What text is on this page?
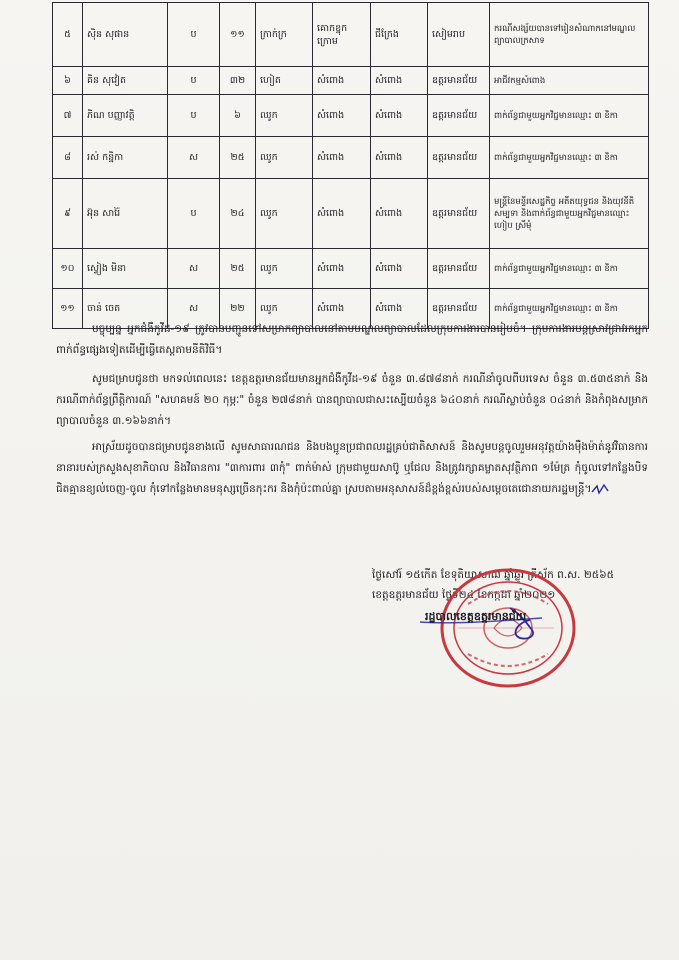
៥	ស៊ិន សុផាន	ប	១១	ក្រាក់ក្រ	គោកខ្នុកក្រោម	ជីក្រែង	សៀមរាប	ករណីសង្ស័យបានទៅរៀនសំណាកនៅមណ្ឌលព្យាបាលក្រសាទ
៦	គិន សុវៀត	ប	៣២	ហៀត	សំពោង	សំពោង	ឧត្តរមានជ័យ	អាជីវកម្មសំពោង
៧	ភិណ បញ្ញាវត្តិ	ប	៦	ឈូក	សំពោង	សំពោង	ឧត្តរមានជ័យ	ពាក់ព័ន្ធជាមួយអ្នកវិជ្ជមានឈ្មោះ ៣ ខិកា
៨	រស់ កន្និកា	ស	២៥	ឈូក	សំពោង	សំពោង	ឧត្តរមានជ័យ	ពាក់ព័ន្ធជាមួយអ្នកវិជ្ជមានឈ្មោះ ៣ ខិកា
៩	អ៊ុន សារ៉ៃ	ប	២៤	ឈូក	សំពោង	សំពោង	ឧត្តរមានជ័យ	មន្ត្រីនៃមន្ទីរសេដ្ឋកិច្ច អតីតយុទ្ធជន និងយុវនីតិសម្បទា និងពាក់ព័ន្ធជាមួយអ្នកវិជ្ជមានឈ្មោះ ហៀប ស្រីមុំ
១០	ស្វៀង មិនា	ស	២៥	ឈូក	សំពោង	សំពោង	ឧត្តរមានជ័យ	ពាក់ព័ន្ធជាមួយអ្នកវិជ្ជមានឈ្មោះ ៣ ខិកា
១១	ចាន់ ចេត	ស	២២	ឈូក	សំពោង	សំពោង	ឧត្តរមានជ័យ	ពាក់ព័ន្ធជាមួយអ្នកវិជ្ជមានឈ្មោះ ៣ ខិកា

បច្ចុប្បន្ន អ្នកជំងឺកូវីដ-១៩ ត្រូវបានបញ្ជូនទៅសម្រាកព្យាបាលនៅតាមមណ្ឌលព្យាបាលដែលក្រុមការងារបានរៀបចំ។ ក្រុមការងារបន្តស្រាវជ្រាវរកអ្នកពាក់ព័ន្ធផ្សេងទៀតដើម្បីធ្វើតេស្តតាមនីតិវិធី។

សូមជម្រាបជូនថា មកទល់ពេលនេះ ខេត្តឧត្តរមានជ័យមានអ្នកជំងឺកូវីដ-១៩ ចំនួន ៣.៨៧៨នាក់ ករណីនាំចូលពីបរទេស ចំនួន ៣.៥៣៥នាក់ និងករណីពាក់ព័ន្ធព្រឹត្តិការណ៍ "សហគមន៍ ២០ កុម្ភៈ" ចំនួន ២៧៨នាក់ បានព្យាបាលជាសះស្បើយចំនួន ៦៤០នាក់ ករណីស្លាប់ចំនួន ០៤នាក់ និងកំពុងសម្រាកព្យាបាលចំនួន ៣.១៦៦នាក់។

អាស្រ័យដូចបានជម្រាបជូនខាងលើ សូមសាធារណជន និងបងប្អូនប្រជាពលរដ្ឋគ្រប់ជាតិសាសន៍ និងសូមបន្តចូលរួមអនុវត្តយ៉ាងម៉ឺងម៉ាត់នូវវិធានការនានារបស់ក្រសួងសុខាភិបាល និងវិធានការ "៣ការពារ ៣កុំ" ពាក់ម៉ាស់ ក្រុមជាមួយសាប៊ូ ឬជែល និងត្រូវរក្សាគម្លាតសុវត្ថិភាព ១ម៉ែត្រ កុំចូលទៅកន្លែងបិទជិតគ្មានខ្យល់ចេញ-ចូល កុំទៅកន្លែងមានមនុស្សច្រើនកុះករ និងកុំប៉ះពាល់គ្នា ស្របតាមអនុសាសន៍ដ៏ខ្ពង់ខ្ពស់របស់សម្តេចតេជោនាយករដ្ឋមន្ត្រី។

ថ្ងៃសៅរ៍ ១៥កើត ខែទុតិយាសាឍ ឆ្នាំឆ្លូវ ត្រីស័ក ព.ស. ២៥៦៥

ខេត្តឧត្តរមានជ័យ ថ្ងៃទី២៤ ខែកក្កដា ឆ្នាំ២០២១

រដ្ឋបាលខេត្តឧត្តរមានជ័យ
